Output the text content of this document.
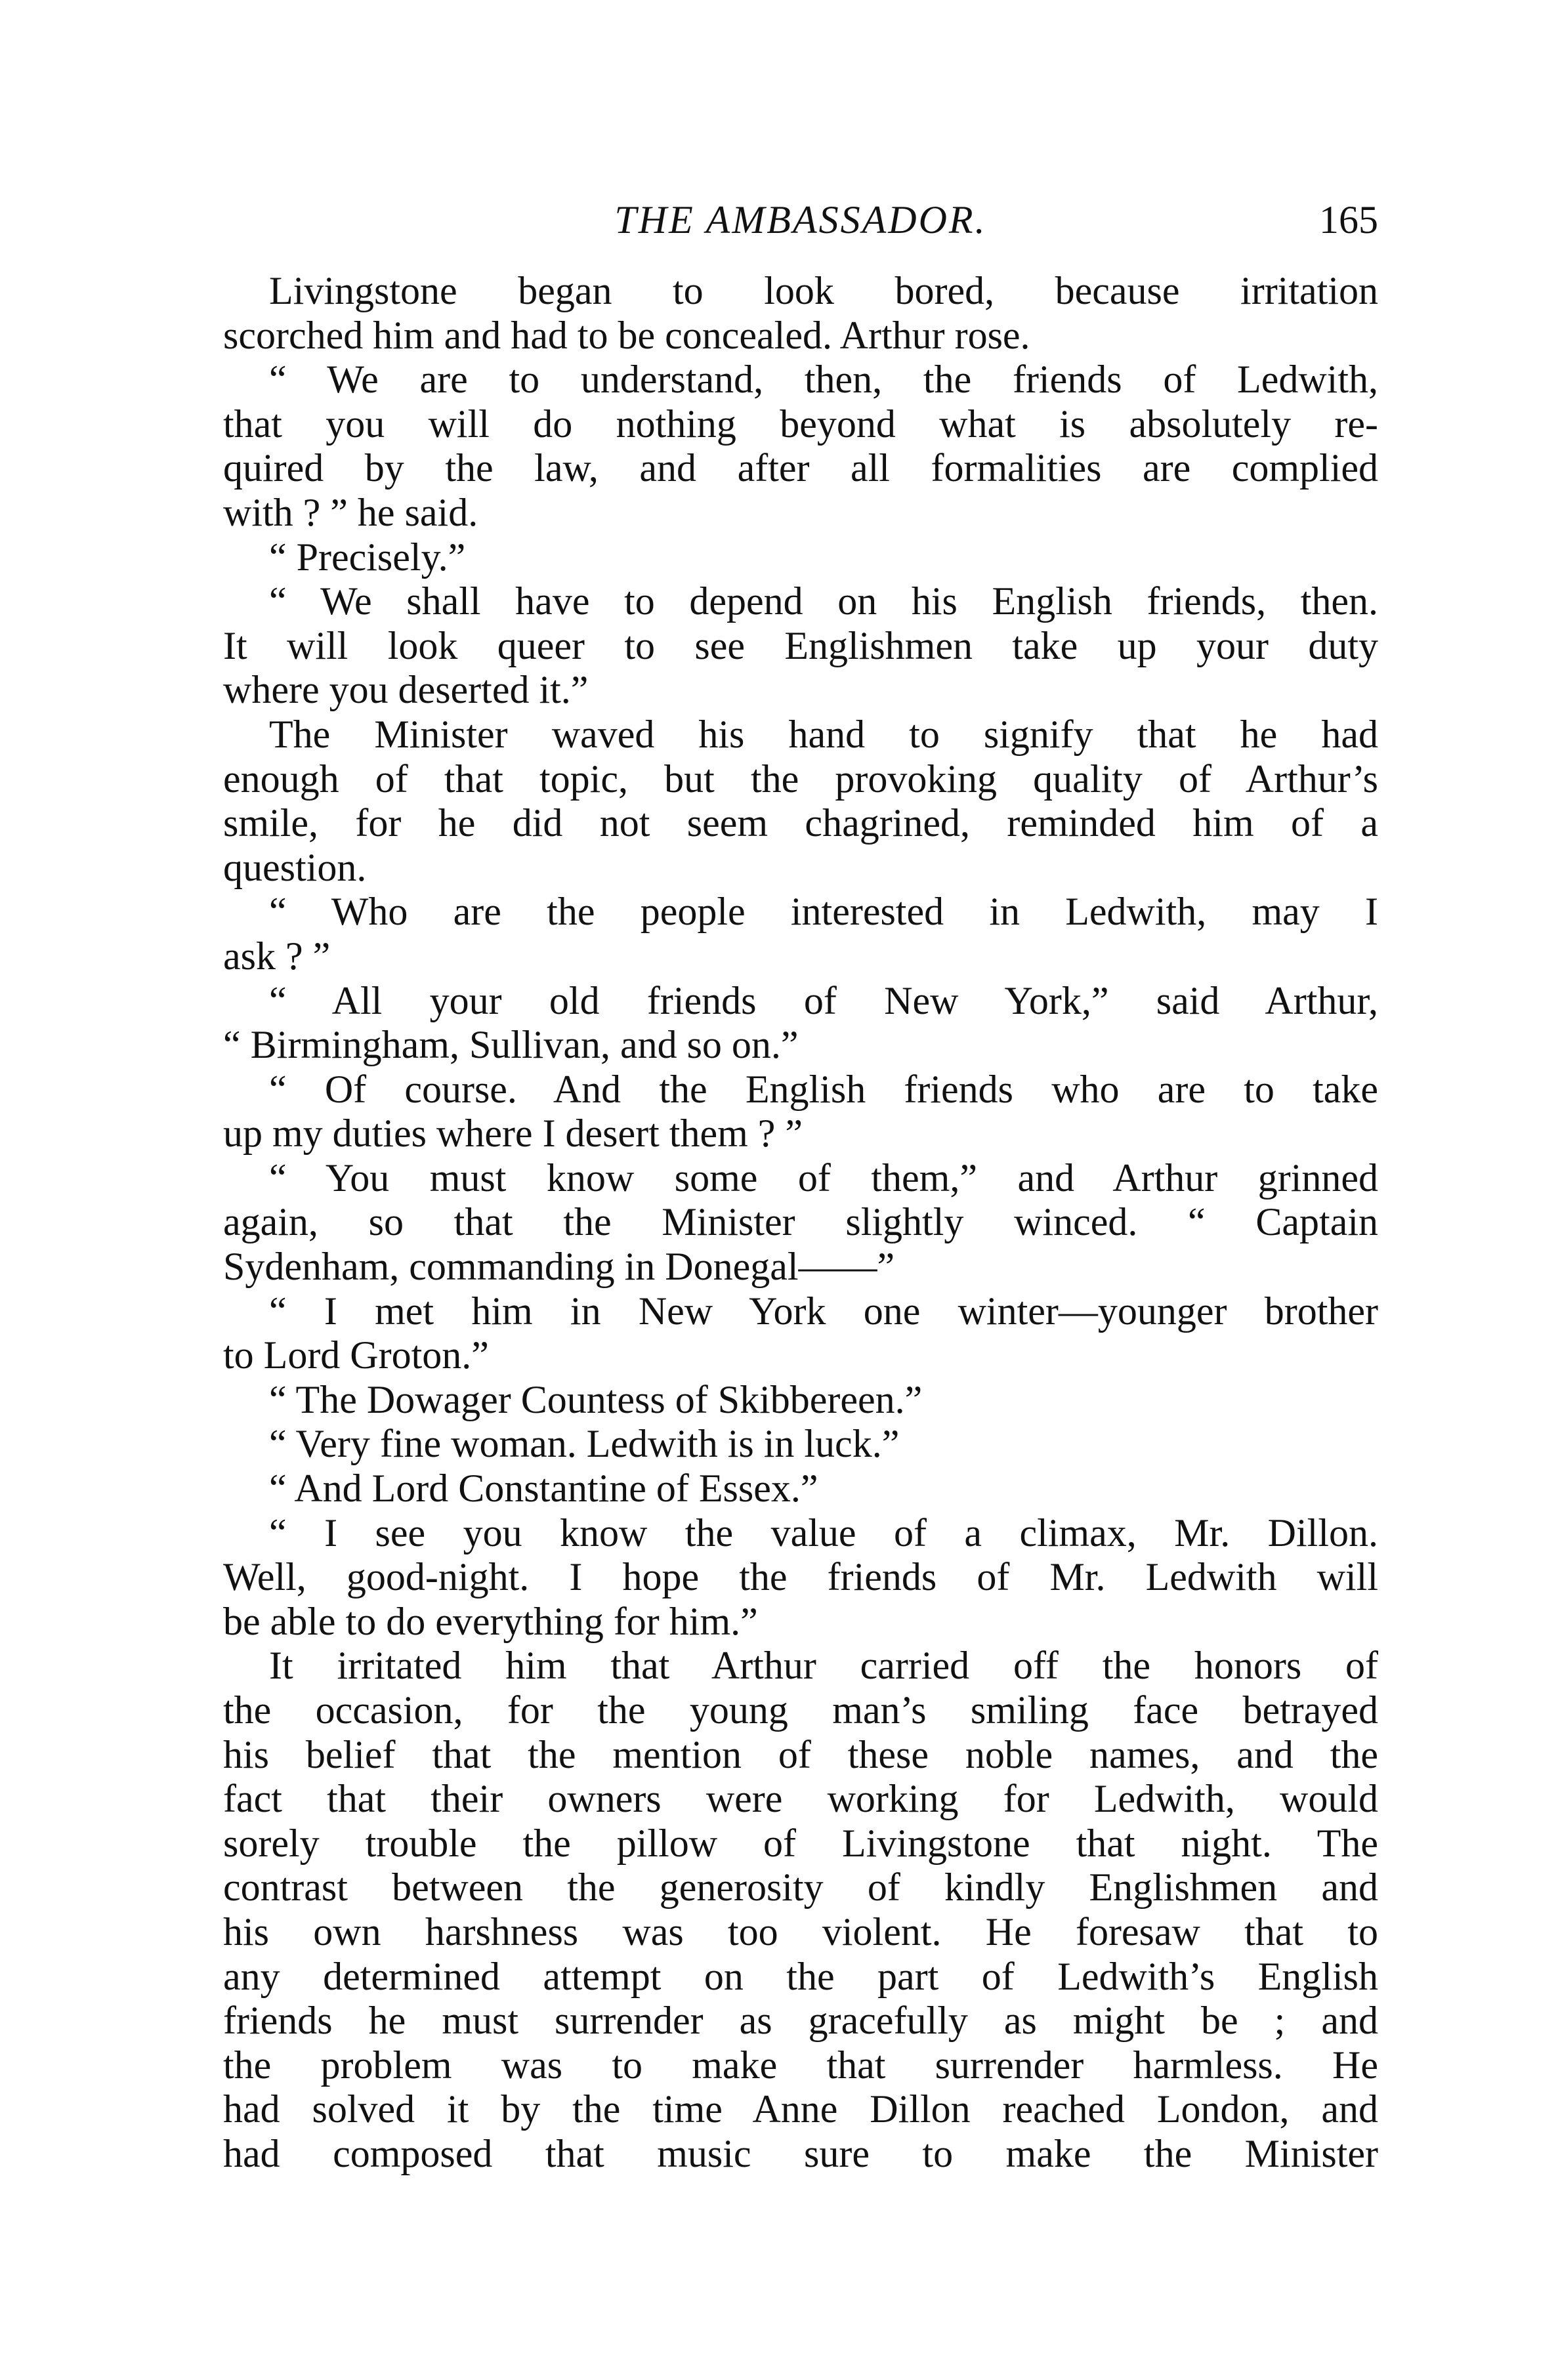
THE AMBASSADOR.	165
Livingstone began to look bored, because irritation
scorched him and had to be concealed. Arthur rose.
“ We are to understand, then, the friends of Ledwith,
that you will do nothing beyond what is absolutely re-
quired by the law, and after all formalities are complied
with ? ” he said.
“ Precisely.”
“ We shall have to depend on his English friends, then.
It will look queer to see Englishmen take up your duty
where you deserted it.”
The Minister waved his hand to signify that he had
enough of that topic, but the provoking quality of Arthur’s
smile, for he did not seem chagrined, reminded him of a
question.
“ Who are the people interested in Ledwith, may I
ask ? ”
“ All your old friends of New York,” said Arthur,
“ Birmingham, Sullivan, and so on.”
“ Of course. And the English friends who are to take
up my duties where I desert them ? ”
“ You must know some of them,” and Arthur grinned
again, so that the Minister slightly winced. “ Captain
Sydenham, commanding in Donegal——”
“ I met him in New York one winter—younger brother
to Lord Groton.”
“ The Dowager Countess of Skibbereen.”
“ Very fine woman. Ledwith is in luck.”
“ And Lord Constantine of Essex.”
“ I see you know the value of a climax, Mr. Dillon.
Well, good-night. I hope the friends of Mr. Ledwith will
be able to do everything for him.”
It irritated him that Arthur carried off the honors of
the occasion, for the young man’s smiling face betrayed
his belief that the mention of these noble names, and the
fact that their owners were working for Ledwith, would
sorely trouble the pillow of Livingstone that night. The
contrast between the generosity of kindly Englishmen and
his own harshness was too violent. He foresaw that to
any determined attempt on the part of Ledwith’s English
friends he must surrender as gracefully as might be ; and
the problem was to make that surrender harmless. He
had solved it by the time Anne Dillon reached London, and
had composed that music sure to make the Minister
